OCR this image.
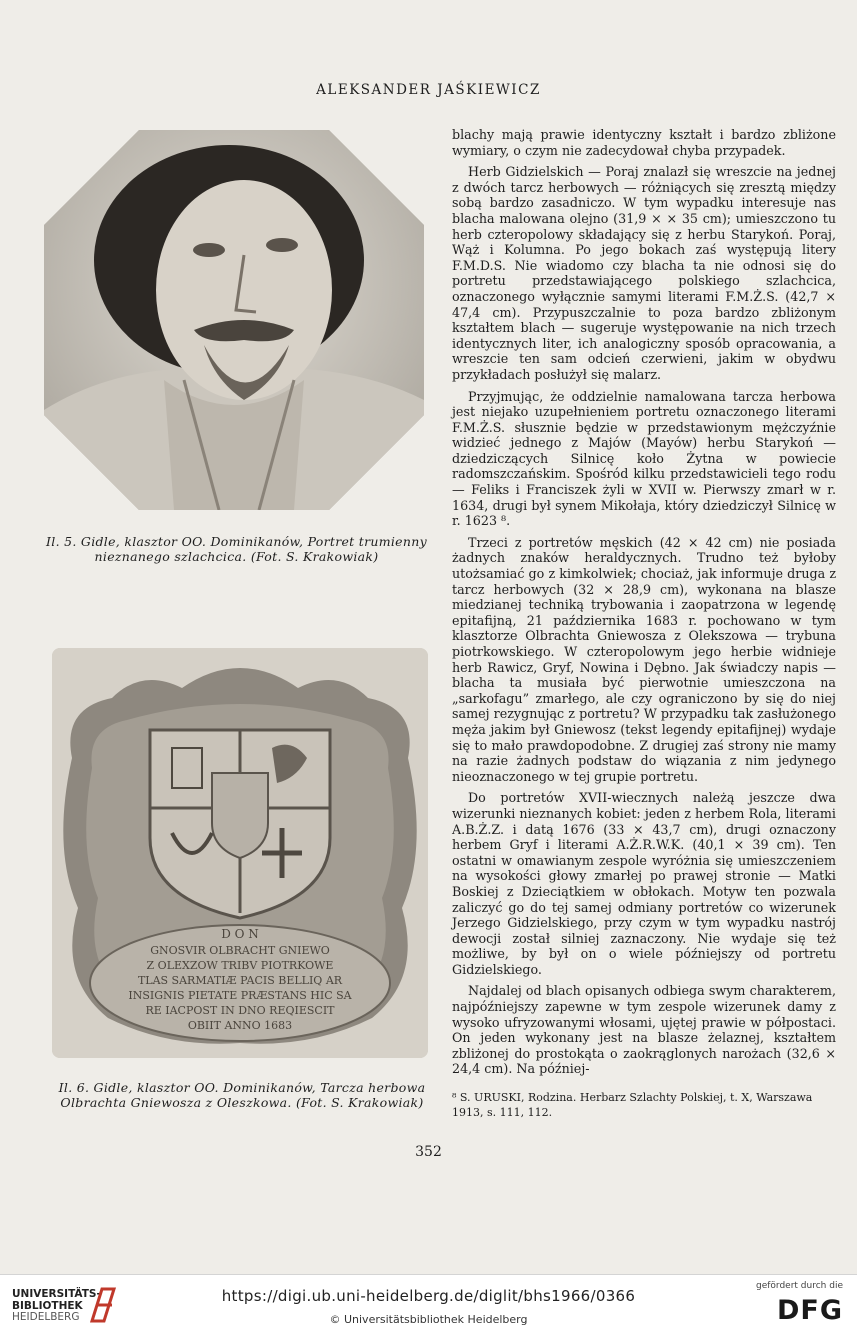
ALEKSANDER JAŚKIEWICZ
Il. 5. Gidle, klasztor OO. Dominikanów, Portret trumienny nieznanego szlachcica. (Fot. S. Krakowiak)
D O N
GNOSVIR OLBRACHT GNIEWO
Z OLEXZOW TRIBV PIOTRKOWE
TLAS SARMATIÆ PACIS BELLIQ AR
INSIGNIS PIETATE PRÆSTANS HIC SA
RE IACPOST IN DNO REQIESCIT
OBIIT ANNO 1683
Il. 6. Gidle, klasztor OO. Dominikanów, Tarcza herbowa Olbrachta Gniewosza z Oleszkowa. (Fot. S. Krakowiak)

blachy mają prawie identyczny kształt i bardzo zbliżone wymiary, o czym nie zadecydował chyba przypadek.

Herb Gidzielskich — Poraj znalazł się wreszcie na jednej z dwóch tarcz herbowych — różniących się zresztą między sobą bardzo zasadniczo. W tym wypadku interesuje nas blacha malowana olejno (31,9 × × 35 cm); umieszczono tu herb czteropolowy składający się z herbu Starykoń. Poraj, Wąż i Kolumna. Po jego bokach zaś występują litery F.M.D.S. Nie wiadomo czy blacha ta nie odnosi się do portretu przedstawiającego polskiego szlachcica, oznaczonego wyłącznie samymi literami F.M.Ż.S. (42,7 × 47,4 cm). Przypuszczalnie to poza bardzo zbliżonym kształtem blach — sugeruje występowanie na nich trzech identycznych liter, ich analogiczny sposób opracowania, a wreszcie ten sam odcień czerwieni, jakim w obydwu przykładach posłużył się malarz.

Przyjmując, że oddzielnie namalowana tarcza herbowa jest niejako uzupełnieniem portretu oznaczonego literami F.M.Ż.S. słusznie będzie w przedstawionym mężczyźnie widzieć jednego z Majów (Mayów) herbu Starykoń — dziedziczących Silnicę koło Żytna w powiecie radomszczańskim. Spośród kilku przedstawicieli tego rodu — Feliks i Franciszek żyli w XVII w. Pierwszy zmarł w r. 1634, drugi był synem Mikołaja, który dziedziczył Silnicę w r. 1623 ⁸.

Trzeci z portretów męskich (42 × 42 cm) nie posiada żadnych znaków heraldycznych. Trudno też byłoby utożsamiać go z kimkolwiek; chociaż, jak informuje druga z tarcz herbowych (32 × 28,9 cm), wykonana na blasze miedzianej techniką trybowania i zaopatrzona w legendę epitafijną, 21 października 1683 r. pochowano w tym klasztorze Olbrachta Gniewosza z Olekszowa — trybuna piotrkowskiego. W czteropolowym jego herbie widnieje herb Rawicz, Gryf, Nowina i Dębno. Jak świadczy napis — blacha ta musiała być pierwotnie umieszczona na „sarkofagu” zmarłego, ale czy ograniczono by się do niej samej rezygnując z portretu? W przypadku tak zasłużonego męża jakim był Gniewosz (tekst legendy epitafijnej) wydaje się to mało prawdopodobne. Z drugiej zaś strony nie mamy na razie żadnych podstaw do wiązania z nim jedynego nieoznaczonego w tej grupie portretu.

Do portretów XVII-wiecznych należą jeszcze dwa wizerunki nieznanych kobiet: jeden z herbem Rola, literami A.B.Ż.Z. i datą 1676 (33 × 43,7 cm), drugi oznaczony herbem Gryf i literami A.Ż.R.W.K. (40,1 × 39 cm). Ten ostatni w omawianym zespole wyróżnia się umieszczeniem na wysokości głowy zmarłej po prawej stronie — Matki Boskiej z Dzieciątkiem w obłokach. Motyw ten pozwala zaliczyć go do tej samej odmiany portretów co wizerunek Jerzego Gidzielskiego, przy czym w tym wypadku nastrój dewocji został silniej zaznaczony. Nie wydaje się też możliwe, by był on o wiele późniejszy od portretu Gidzielskiego.

Najdalej od blach opisanych odbiega swym charakterem, najpóźniejszy zapewne w tym zespole wizerunek damy z wysoko ufryzowanymi włosami, ujętej prawie w półpostaci. On jeden wykonany jest na blasze żelaznej, kształtem zbliżonej do prostokąta o zaokrąglonych narożach (32,6 × 24,4 cm). Na później-

⁸ S. URUSKI, Rodzina. Herbarz Szlachty Polskiej, t. X, Warszawa 1913, s. 111, 112.
352
UNIVERSITÄTS-
BIBLIOTHEK
HEIDELBERG
https://digi.ub.uni-heidelberg.de/diglit/bhs1966/0366
© Universitätsbibliothek Heidelberg
gefördert durch die
DFG
